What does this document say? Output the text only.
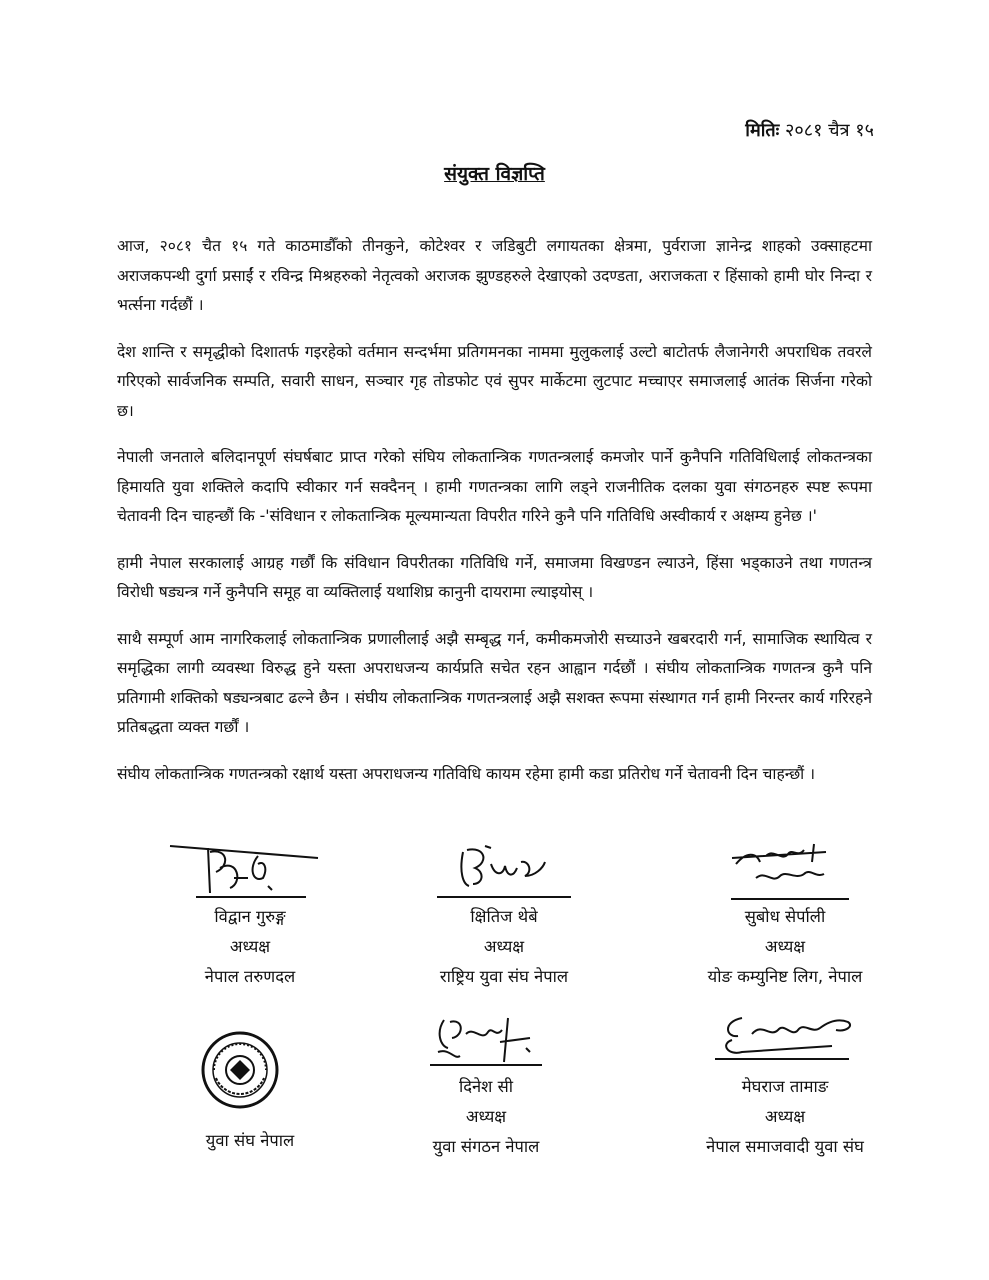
मितिः २०८१ चैत्र १५
संयुक्त विज्ञप्ति

आज, २०८१ चैत १५ गते काठमाडौँको तीनकुने, कोटेश्वर र जडिबुटी लगायतका क्षेत्रमा, पुर्वराजा ज्ञानेन्द्र शाहको उक्साहटमा अराजकपन्थी दुर्गा प्रसाईं र रविन्द्र मिश्रहरुको नेतृत्वको अराजक झुण्डहरुले देखाएको उदण्डता, अराजकता र हिंसाको हामी घोर निन्दा र भर्त्सना गर्दछौं ।

देश शान्ति र समृद्धीको दिशातर्फ गइरहेको वर्तमान सन्दर्भमा प्रतिगमनका नाममा मुलुकलाई उल्टो बाटोतर्फ लैजानेगरी अपराधिक तवरले गरिएको सार्वजनिक सम्पति, सवारी साधन, सञ्चार गृह तोडफोट एवं सुपर मार्केटमा लुटपाट मच्चाएर समाजलाई आतंक सिर्जना गरेको छ।

नेपाली जनताले बलिदानपूर्ण संघर्षबाट प्राप्त गरेको संघिय लोकतान्त्रिक गणतन्त्रलाई कमजोर पार्ने कुनैपनि गतिविधिलाई लोकतन्त्रका हिमायति युवा शक्तिले कदापि स्वीकार गर्न सक्दैनन् । हामी गणतन्त्रका लागि लड्ने राजनीतिक दलका युवा संगठनहरु स्पष्ट रूपमा चेतावनी दिन चाहन्छौं कि -'संविधान र लोकतान्त्रिक मूल्यमान्यता विपरीत गरिने कुनै पनि गतिविधि अस्वीकार्य र अक्षम्य हुनेछ ।'

हामी नेपाल सरकालाई आग्रह गर्छौं कि संविधान विपरीतका गतिविधि गर्ने, समाजमा विखण्डन ल्याउने, हिंसा भड्काउने तथा गणतन्त्र विरोधी षड्यन्त्र गर्ने कुनैपनि समूह वा व्यक्तिलाई यथाशिघ्र कानुनी दायरामा ल्याइयोस् ।

साथै सम्पूर्ण आम नागरिकलाई लोकतान्त्रिक प्रणालीलाई अझै सम्बृद्ध गर्न, कमीकमजोरी सच्याउने खबरदारी गर्न, सामाजिक स्थायित्व र समृद्धिका लागी व्यवस्था विरुद्ध हुने यस्ता अपराधजन्य कार्यप्रति सचेत रहन आह्वान गर्दछौं । संघीय लोकतान्त्रिक गणतन्त्र कुनै पनि प्रतिगामी शक्तिको षड्यन्त्रबाट ढल्ने छैन । संघीय लोकतान्त्रिक गणतन्त्रलाई अझै सशक्त रूपमा संस्थागत गर्न हामी निरन्तर कार्य गरिरहने प्रतिबद्धता व्यक्त गर्छौं ।

संघीय लोकतान्त्रिक गणतन्त्रको रक्षार्थ यस्ता अपराधजन्य गतिविधि कायम रहेमा हामी कडा प्रतिरोध गर्ने चेतावनी दिन चाहन्छौं ।

विद्वान गुरुङ्ग
अध्यक्ष
नेपाल तरुणदल
क्षितिज थेबे
अध्यक्ष
राष्ट्रिय युवा संघ नेपाल
सुबोध सेर्पाली
अध्यक्ष
योङ कम्युनिष्ट लिग, नेपाल
युवा संघ नेपाल
दिनेश सी
अध्यक्ष
युवा संगठन नेपाल
मेघराज तामाङ
अध्यक्ष
नेपाल समाजवादी युवा संघ
